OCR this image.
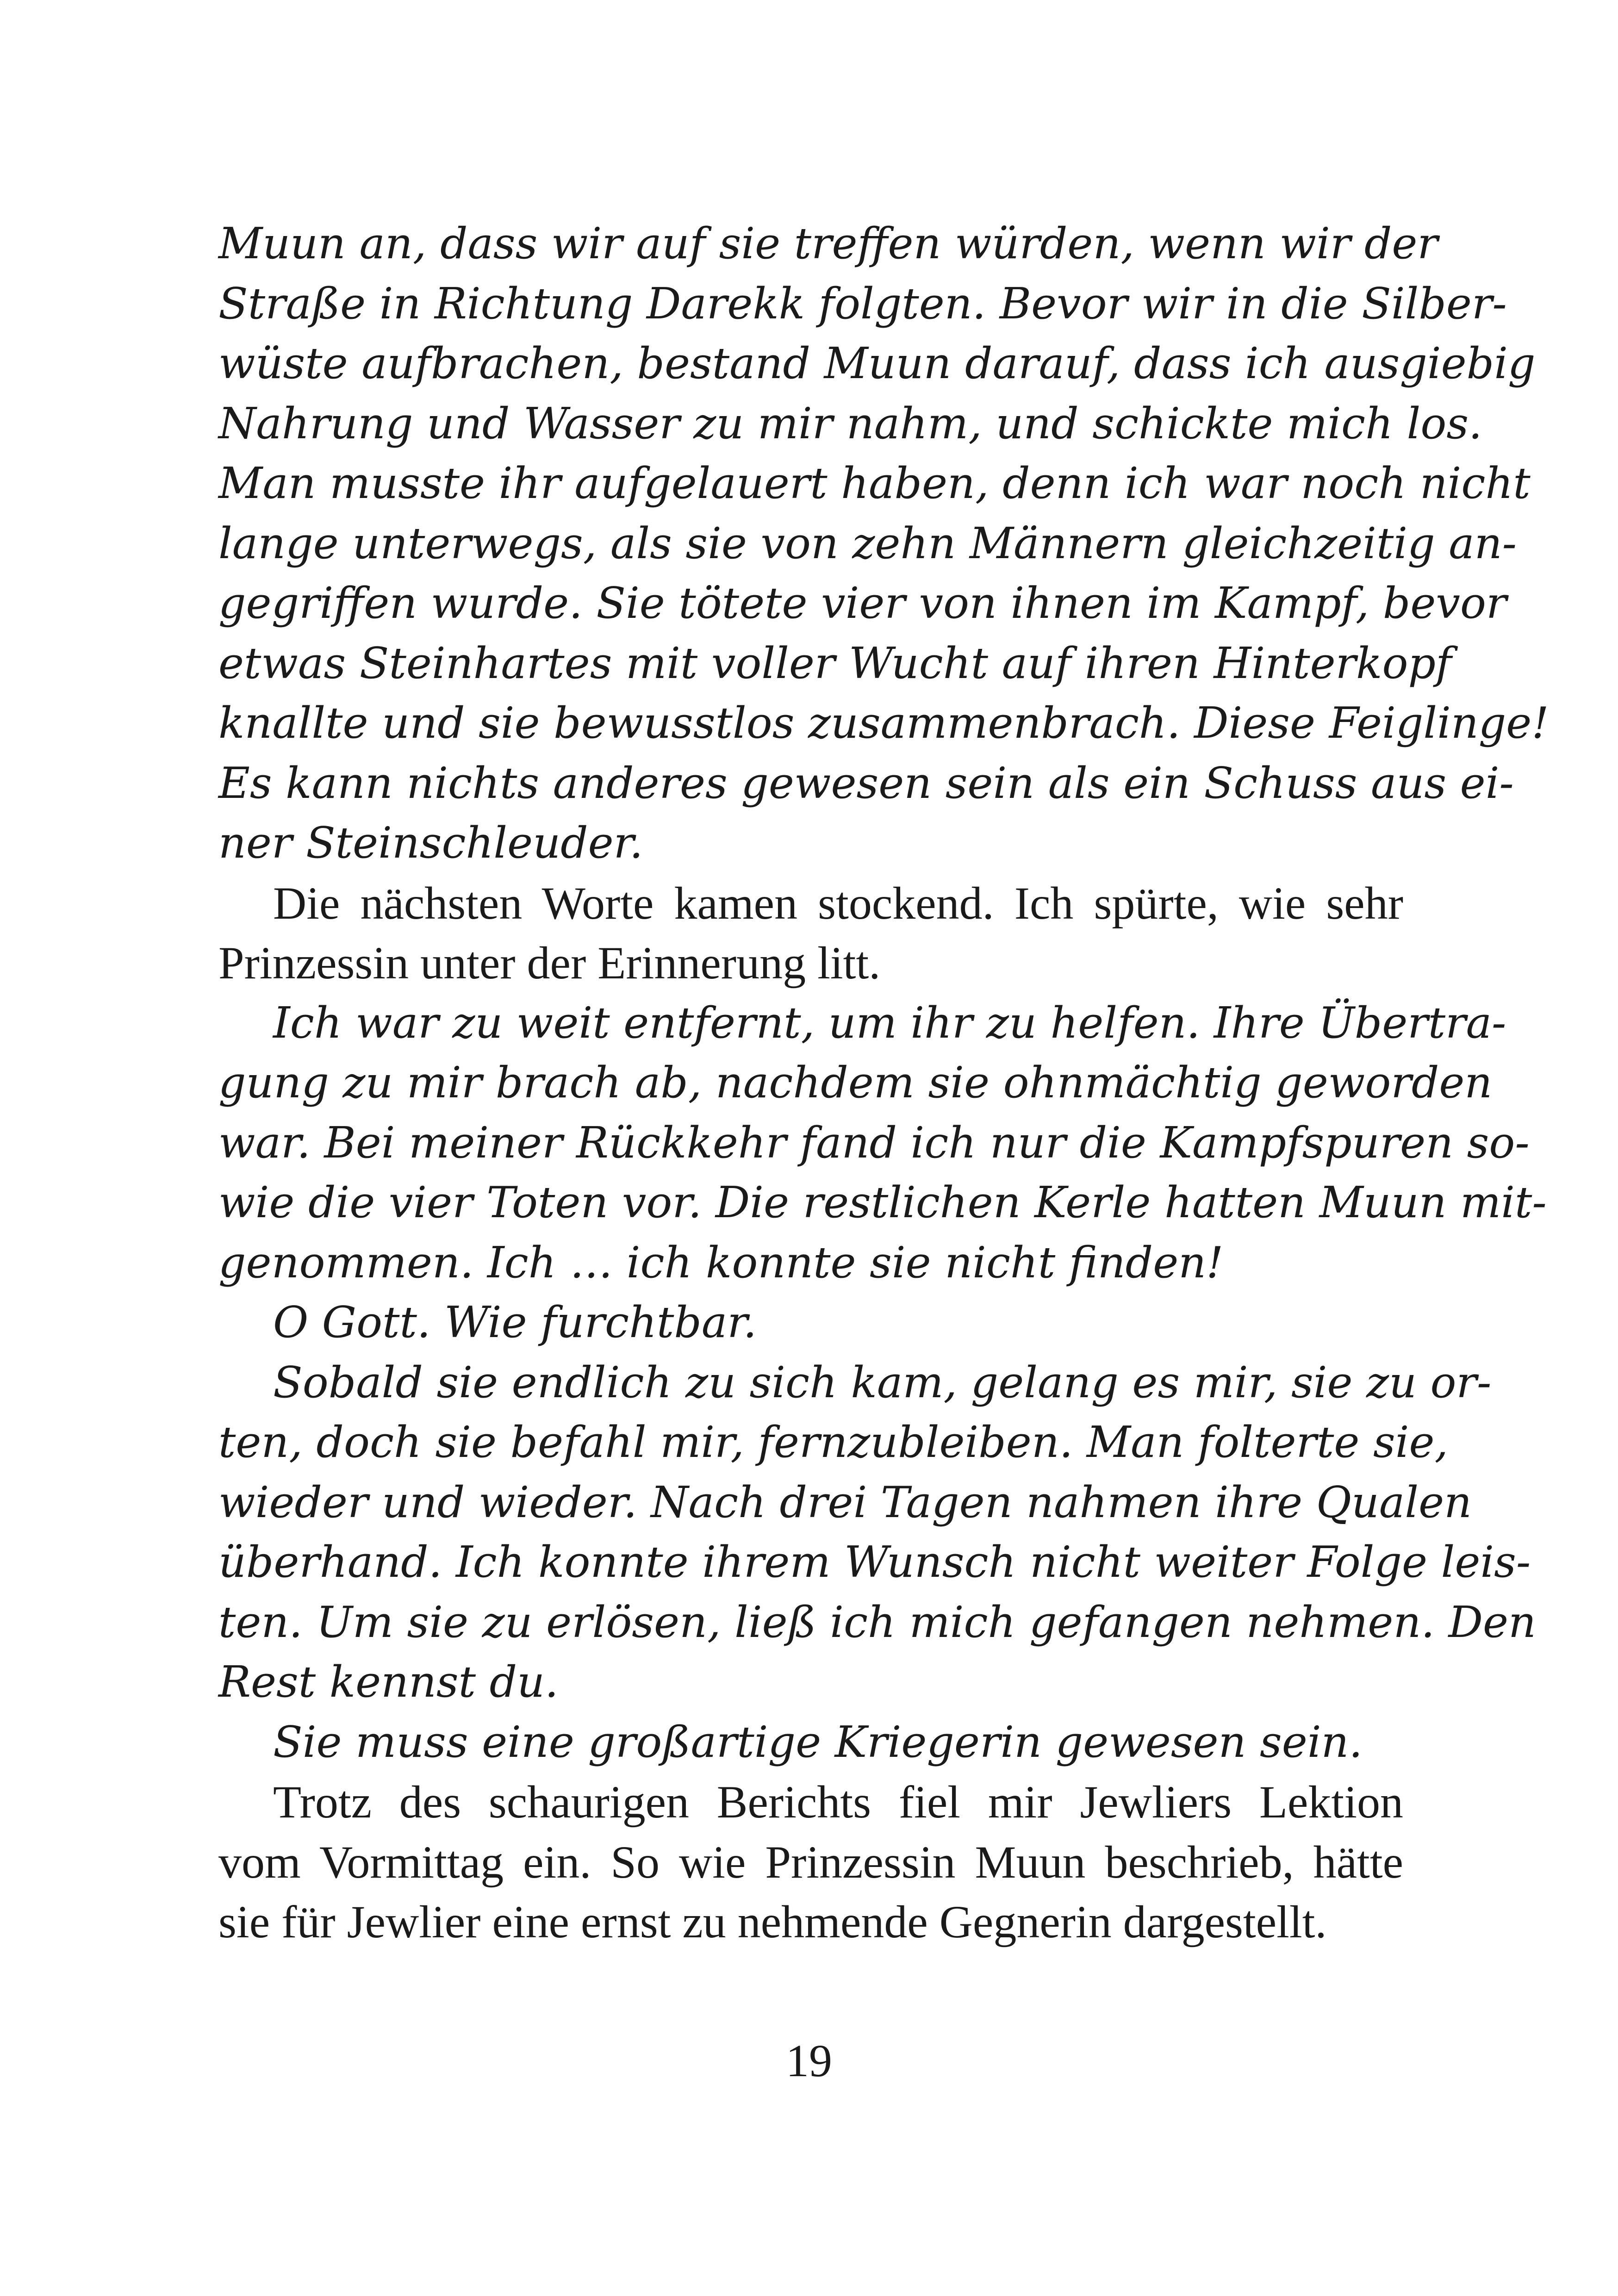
Muun an, dass wir auf sie treffen würden, wenn wir der
Straße in Richtung Darekk folgten. Bevor wir in die Silber-
wüste aufbrachen, bestand Muun darauf, dass ich ausgiebig
Nahrung und Wasser zu mir nahm, und schickte mich los.
Man musste ihr aufgelauert haben, denn ich war noch nicht
lange unterwegs, als sie von zehn Männern gleichzeitig an-
gegriffen wurde. Sie tötete vier von ihnen im Kampf, bevor
etwas Steinhartes mit voller Wucht auf ihren Hinterkopf
knallte und sie bewusstlos zusammenbrach. Diese Feiglinge!
Es kann nichts anderes gewesen sein als ein Schuss aus ei-
ner Steinschleuder.

Die nächsten Worte kamen stockend. Ich spürte, wie sehr
Prinzessin unter der Erinnerung litt.

Ich war zu weit entfernt, um ihr zu helfen. Ihre Übertra-
gung zu mir brach ab, nachdem sie ohnmächtig geworden
war. Bei meiner Rückkehr fand ich nur die Kampfspuren so-
wie die vier Toten vor. Die restlichen Kerle hatten Muun mit-
genommen. Ich … ich konnte sie nicht finden!

O Gott. Wie furchtbar.

Sobald sie endlich zu sich kam, gelang es mir, sie zu or-
ten, doch sie befahl mir, fernzubleiben. Man folterte sie,
wieder und wieder. Nach drei Tagen nahmen ihre Qualen
überhand. Ich konnte ihrem Wunsch nicht weiter Folge leis-
ten. Um sie zu erlösen, ließ ich mich gefangen nehmen. Den
Rest kennst du.

Sie muss eine großartige Kriegerin gewesen sein.

Trotz des schaurigen Berichts fiel mir Jewliers Lektion
vom Vormittag ein. So wie Prinzessin Muun beschrieb, hätte
sie für Jewlier eine ernst zu nehmende Gegnerin dargestellt.

19
